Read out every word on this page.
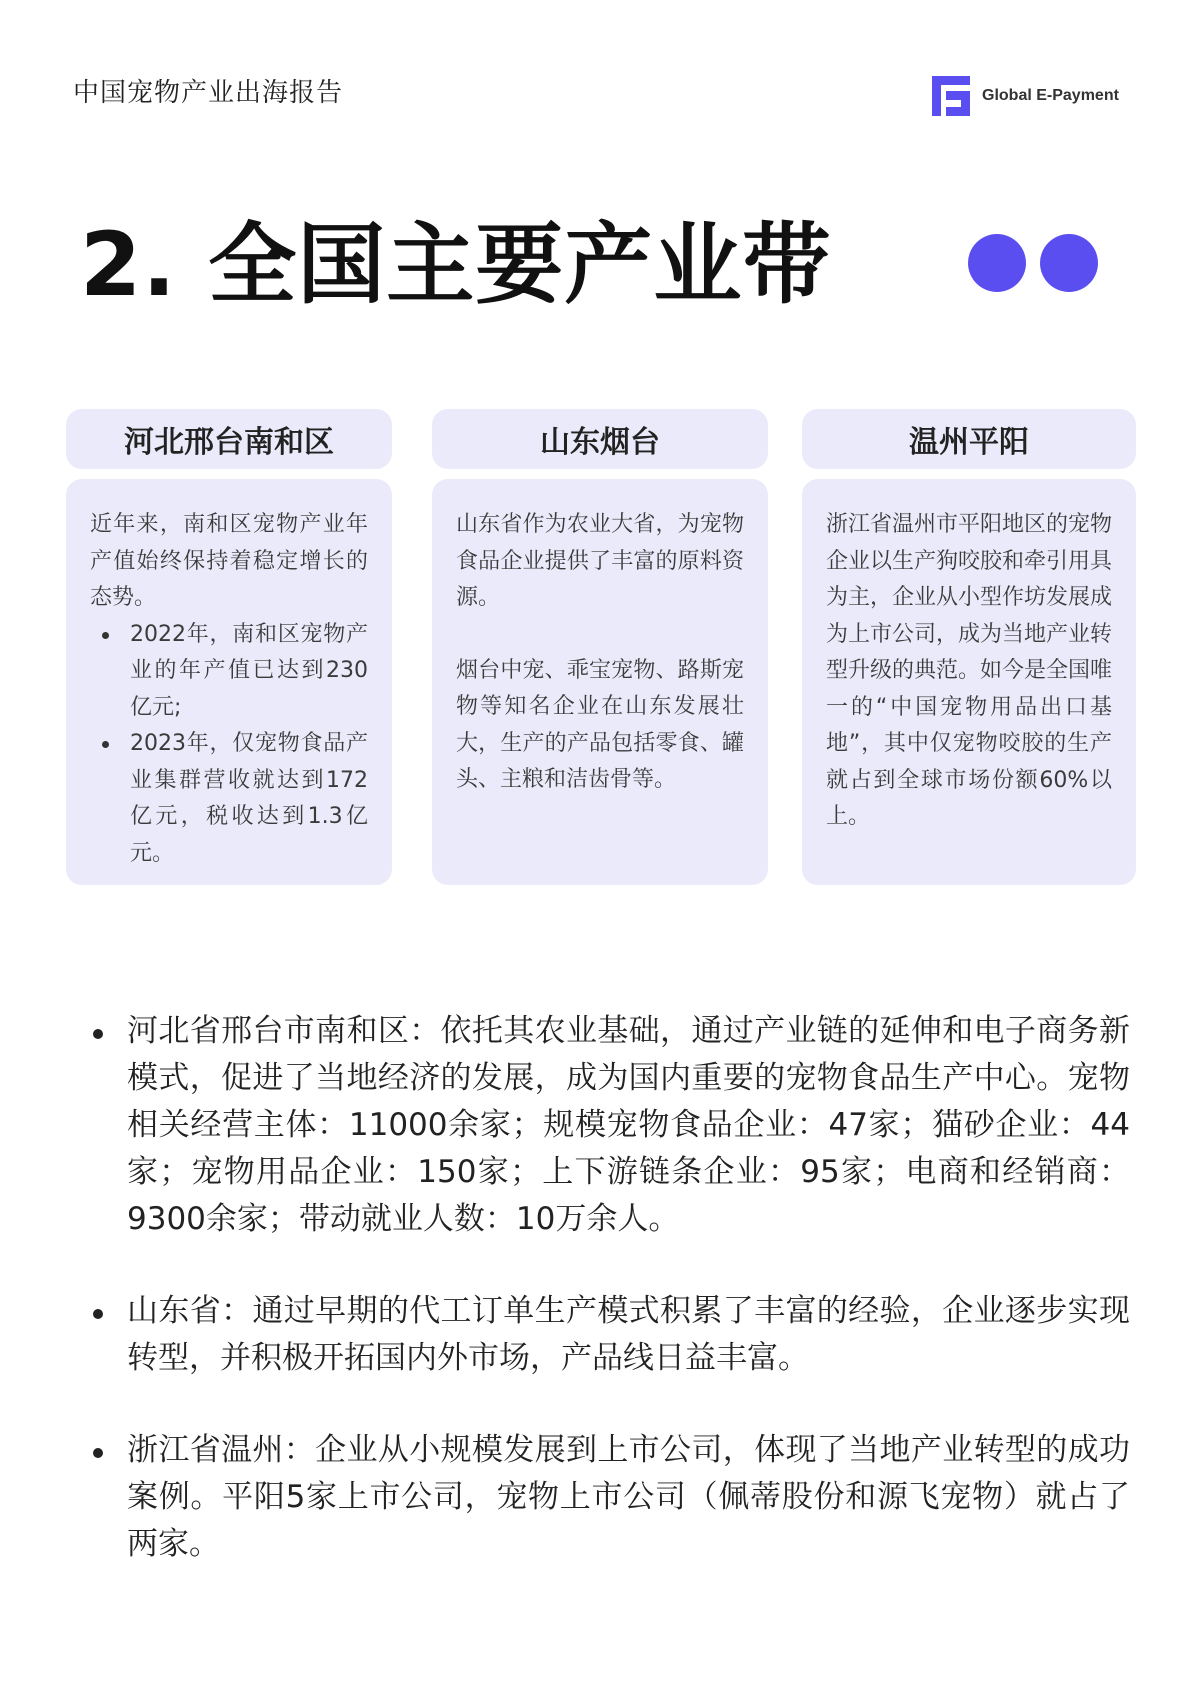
中国宠物产业出海报告	Global E-Payment
2. 全国主要产业带
河北邢台南和区

近年来，南和区宠物产业年产值始终保持着稳定增长的态势。

2022年，南和区宠物产业的年产值已达到230亿元;
2023年，仅宠物食品产业集群营收就达到172亿元，税收达到1.3亿元。
山东烟台

山东省作为农业大省，为宠物食品企业提供了丰富的原料资源。

烟台中宠、乖宝宠物、路斯宠物等知名企业在山东发展壮大，生产的产品包括零食、罐头、主粮和洁齿骨等。

温州平阳

浙江省温州市平阳地区的宠物企业以生产狗咬胶和牵引用具为主，企业从小型作坊发展成为上市公司，成为当地产业转型升级的典范。如今是全国唯一的“中国宠物用品出口基地”，其中仅宠物咬胶的生产就占到全球市场份额60%以上。

河北省邢台市南和区：依托其农业基础，通过产业链的延伸和电子商务新模式，促进了当地经济的发展，成为国内重要的宠物食品生产中心。宠物相关经营主体：11000余家；规模宠物食品企业：47家；猫砂企业：44家；宠物用品企业：150家；上下游链条企业：95家；电商和经销商：9300余家；带动就业人数：10万余人。
山东省：通过早期的代工订单生产模式积累了丰富的经验，企业逐步实现转型，并积极开拓国内外市场，产品线日益丰富。
浙江省温州：企业从小规模发展到上市公司，体现了当地产业转型的成功案例。平阳5家上市公司，宠物上市公司（佩蒂股份和源飞宠物）就占了两家。
